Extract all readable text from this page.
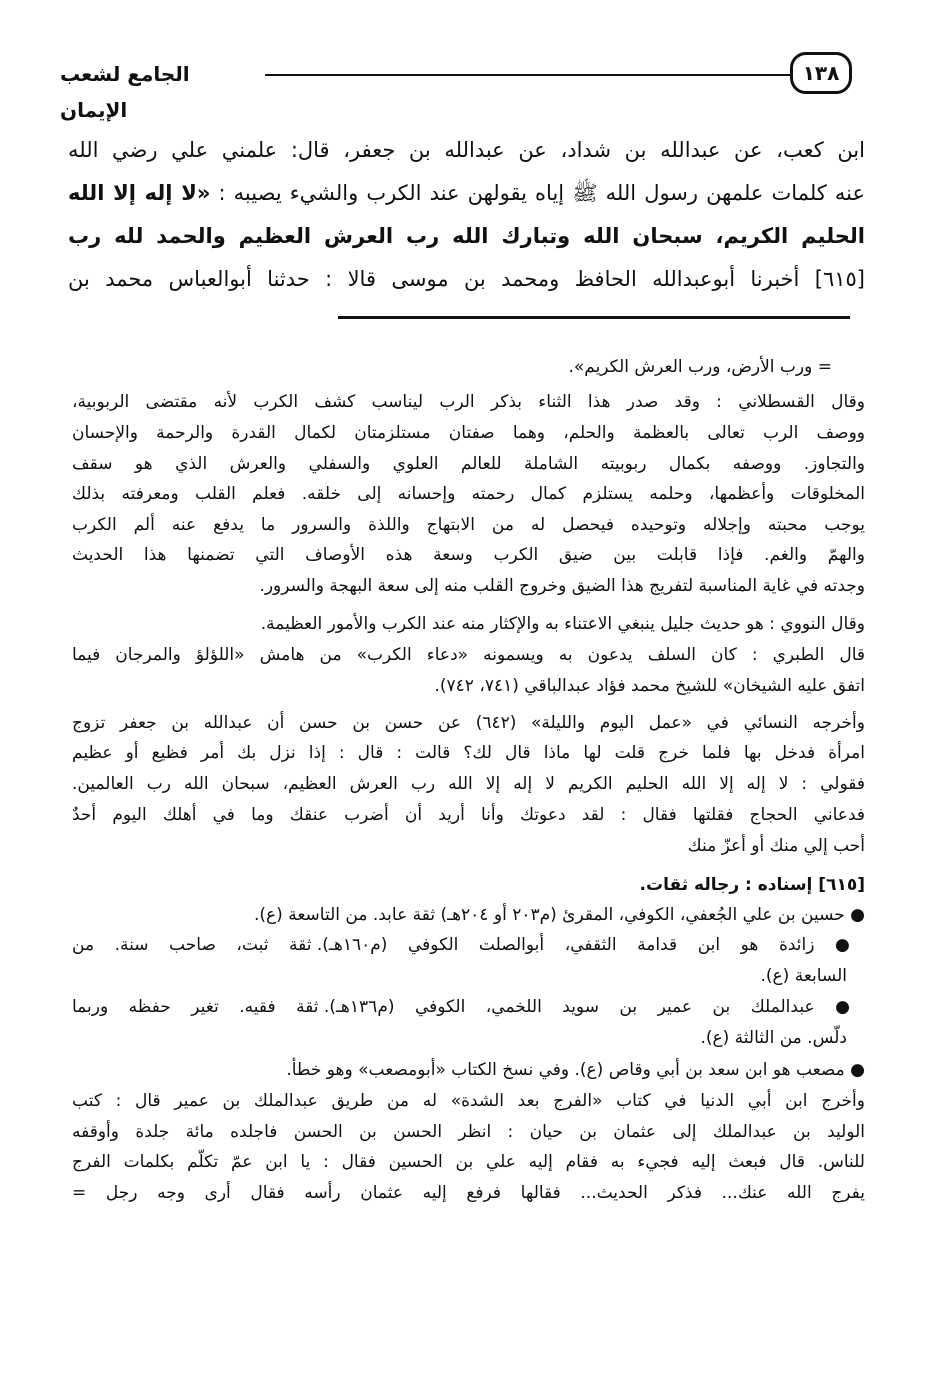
١٣٨
الجامع لشعب الإيمان
ابن كعب، عن عبدالله بن شداد، عن عبدالله بن جعفر، قال: علمني علي رضي الله
عنه كلمات علمهن رسول الله ﷺ إياه يقولهن عند الكرب والشيء يصيبه : «لا إله إلا الله
الحليم الكريم، سبحان الله وتبارك الله رب العرش العظيم والحمد لله رب
[٦١٥] أخبرنا أبوعبدالله الحافظ ومحمد بن موسى قالا : حدثنا أبوالعباس محمد بن
= ورب الأرض، ورب العرش الكريم».
وقال القسطلاني : وقد صدر هذا الثناء بذكر الرب ليناسب كشف الكرب لأنه مقتضى الربوبية،
ووصف الرب تعالى بالعظمة والحلم، وهما صفتان مستلزمتان لكمال القدرة والرحمة والإحسان
والتجاوز. ووصفه بكمال ربوبيته الشاملة للعالم العلوي والسفلي والعرش الذي هو سقف
المخلوقات وأعظمها، وحلمه يستلزم كمال رحمته وإحسانه إلى خلقه. فعلم القلب ومعرفته بذلك
يوجب محبته وإجلاله وتوحيده فيحصل له من الابتهاج واللذة والسرور ما يدفع عنه ألم الكرب
والهمّ والغم. فإذا قابلت بين ضيق الكرب وسعة هذه الأوصاف التي تضمنها هذا الحديث
وجدته في غاية المناسبة لتفريج هذا الضيق وخروج القلب منه إلى سعة البهجة والسرور.
وقال النووي : هو حديث جليل ينبغي الاعتناء به والإكثار منه عند الكرب والأمور العظيمة.
قال الطبري : كان السلف يدعون به ويسمونه «دعاء الكرب» من هامش «اللؤلؤ والمرجان فيما
اتفق عليه الشيخان» للشيخ محمد فؤاد عبدالباقي (٧٤١، ٧٤٢).
وأخرجه النسائي في «عمل اليوم والليلة» (٦٤٢) عن حسن بن حسن أن عبدالله بن جعفر تزوج
امرأة فدخل بها فلما خرج قلت لها ماذا قال لك؟ قالت : قال : إذا نزل بك أمر فظيع أو عظيم
فقولي : لا إله إلا الله الحليم الكريم لا إله إلا الله رب العرش العظيم، سبحان الله رب العالمين.
فدعاني الحجاج فقلتها فقال : لقد دعوتك وأنا أريد أن أضرب عنقك وما في أهلك اليوم أحدٌ
أحب إلي منك أو أعزّ منك
[٦١٥] إسناده : رجاله ثقات.
● حسين بن علي الجُعفي، الكوفي، المقرئ (م٢٠٣ أو ٢٠٤هـ) ثقة عابد. من التاسعة (ع).
● زائدة هو ابن قدامة الثقفي، أبوالصلت الكوفي (م١٦٠هـ). ثقة ثبت، صاحب سنة. من
السابعة (ع).
● عبدالملك بن عمير بن سويد اللخمي، الكوفي (م١٣٦هـ). ثقة فقيه. تغير حفظه وربما
دلّس. من الثالثة (ع).
● مصعب هو ابن سعد بن أبي وقاص (ع). وفي نسخ الكتاب «أبومصعب» وهو خطأ.
وأخرج ابن أبي الدنيا في كتاب «الفرج بعد الشدة» له من طريق عبدالملك بن عمير قال : كتب
الوليد بن عبدالملك إلى عثمان بن حيان : انظر الحسن بن الحسن فاجلده مائة جلدة وأوقفه
للناس. قال فبعث إليه فجيء به فقام إليه علي بن الحسين فقال : يا ابن عمّ تكلّم بكلمات الفرج
يفرج الله عنك... فذكر الحديث... فقالها فرفع إليه عثمان رأسه فقال أرى وجه رجل =
